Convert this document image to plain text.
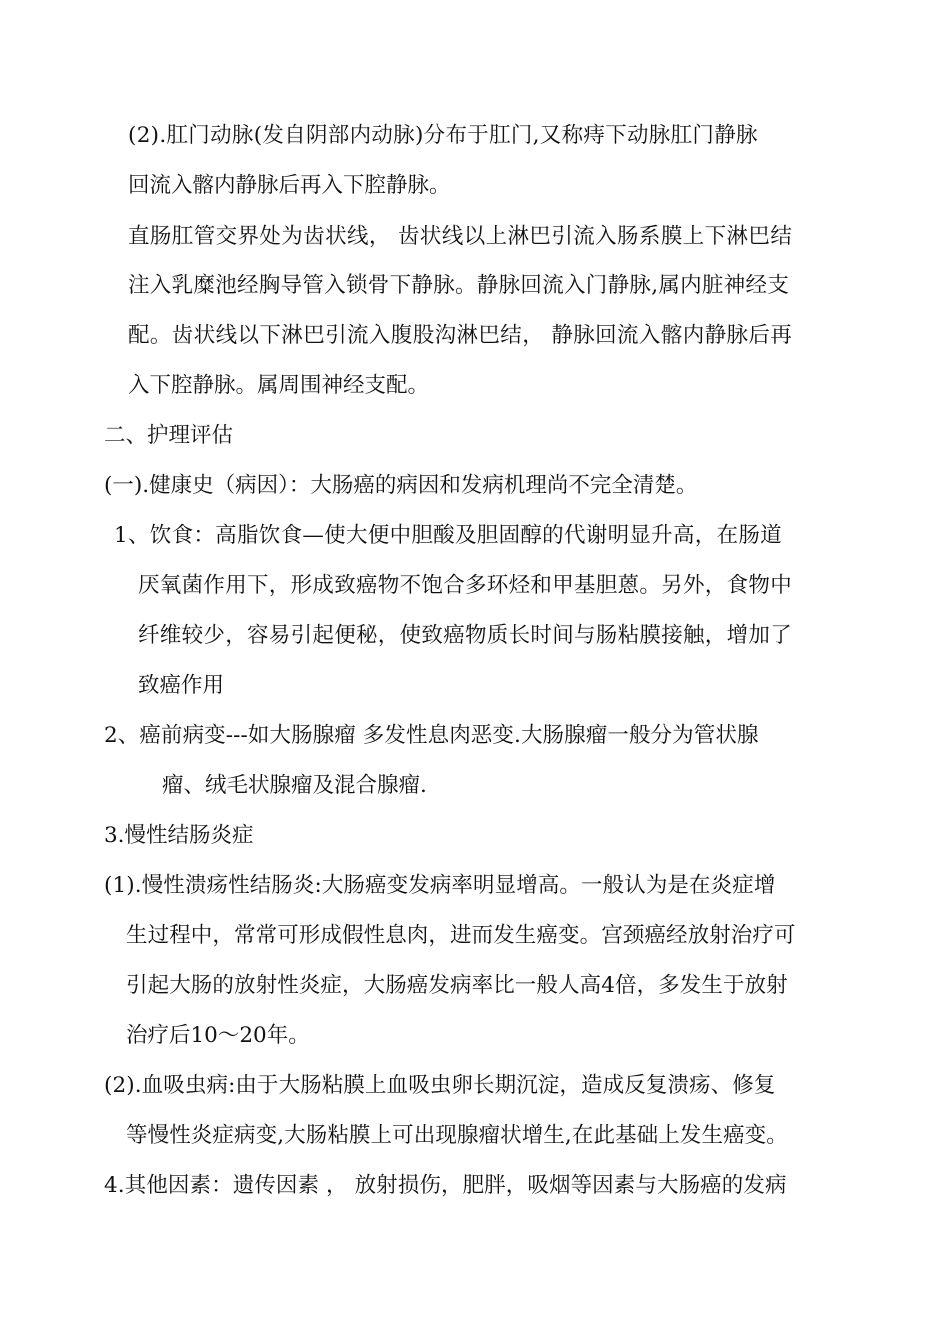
(2).肛门动脉(发自阴部内动脉)分布于肛门,又称痔下动脉肛门静脉

回流入髂内静脉后再入下腔静脉。

直肠肛管交界处为齿状线， 齿状线以上淋巴引流入肠系膜上下淋巴结

注入乳糜池经胸导管入锁骨下静脉。静脉回流入门静脉,属内脏神经支

配。齿状线以下淋巴引流入腹股沟淋巴结， 静脉回流入髂内静脉后再

入下腔静脉。属周围神经支配。

二、护理评估

(一).健康史（病因）：大肠癌的病因和发病机理尚不完全清楚。

1、饮食：高脂饮食—使大便中胆酸及胆固醇的代谢明显升高，在肠道

厌氧菌作用下，形成致癌物不饱合多环烃和甲基胆蒽。另外，食物中

纤维较少，容易引起便秘，使致癌物质长时间与肠粘膜接触，增加了

致癌作用

2、癌前病变---如大肠腺瘤 多发性息肉恶变.大肠腺瘤一般分为管状腺

瘤、绒毛状腺瘤及混合腺瘤.

3.慢性结肠炎症

(1).慢性溃疡性结肠炎:大肠癌变发病率明显增高。一般认为是在炎症增

生过程中，常常可形成假性息肉，进而发生癌变。宫颈癌经放射治疗可

引起大肠的放射性炎症，大肠癌发病率比一般人高4倍，多发生于放射

治疗后10～20年。

(2).血吸虫病:由于大肠粘膜上血吸虫卵长期沉淀，造成反复溃疡、修复

等慢性炎症病变,大肠粘膜上可出现腺瘤状增生,在此基础上发生癌变。

4.其他因素：遗传因素 ， 放射损伤，肥胖，吸烟等因素与大肠癌的发病
